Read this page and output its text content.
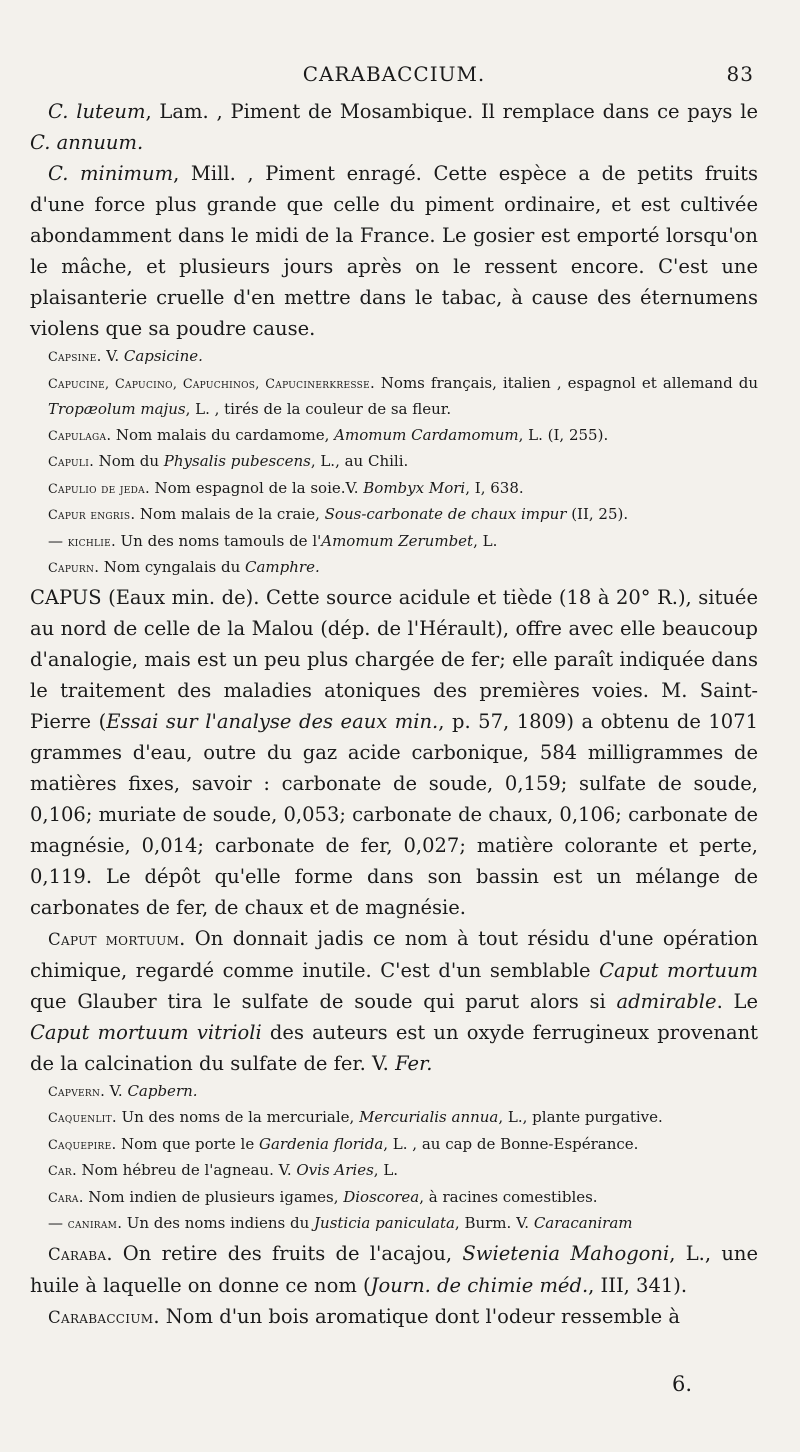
CARABACCIUM.	83

C. luteum, Lam. , Piment de Mosambique. Il remplace dans ce pays le C. annuum.

C. minimum, Mill. , Piment enragé. Cette espèce a de petits fruits d'une force plus grande que celle du piment ordinaire, et est cultivée abondamment dans le midi de la France. Le gosier est emporté lorsqu'on le mâche, et plusieurs jours après on le ressent encore. C'est une plaisanterie cruelle d'en mettre dans le tabac, à cause des éternumens violens que sa poudre cause.

Capsine. V. Capsicine.

Capucine, Capucino, Capuchinos, Capucinerkresse. Noms français, italien , espagnol et allemand du Tropæolum majus, L. , tirés de la couleur de sa fleur.

Capulaga. Nom malais du cardamome, Amomum Cardamomum, L. (I, 255).

Capuli. Nom du Physalis pubescens, L., au Chili.

Capulio de jeda. Nom espagnol de la soie.V. Bombyx Mori, I, 638.

Capur engris. Nom malais de la craie, Sous-carbonate de chaux impur (II, 25).

— kichlie. Un des noms tamouls de l'Amomum Zerumbet, L.

Capurn. Nom cyngalais du Camphre.

CAPUS (Eaux min. de). Cette source acidule et tiède (18 à 20° R.), située au nord de celle de la Malou (dép. de l'Hérault), offre avec elle beaucoup d'analogie, mais est un peu plus chargée de fer; elle paraît indiquée dans le traitement des maladies atoniques des premières voies. M. Saint-Pierre (Essai sur l'analyse des eaux min., p. 57, 1809) a obtenu de 1071 grammes d'eau, outre du gaz acide carbonique, 584 milligrammes de matières fixes, savoir : carbonate de soude, 0,159; sulfate de soude, 0,106; muriate de soude, 0,053; carbonate de chaux, 0,106; carbonate de magnésie, 0,014; carbonate de fer, 0,027; matière colorante et perte, 0,119. Le dépôt qu'elle forme dans son bassin est un mélange de carbonates de fer, de chaux et de magnésie.

Caput mortuum. On donnait jadis ce nom à tout résidu d'une opération chimique, regardé comme inutile. C'est d'un semblable Caput mortuum que Glauber tira le sulfate de soude qui parut alors si admirable. Le Caput mortuum vitrioli des auteurs est un oxyde ferrugineux provenant de la calcination du sulfate de fer. V. Fer.

Capvern. V. Capbern.

Caquenlit. Un des noms de la mercuriale, Mercurialis annua, L., plante purgative.

Caquepire. Nom que porte le Gardenia florida, L. , au cap de Bonne-Espérance.

Car. Nom hébreu de l'agneau. V. Ovis Aries, L.

Cara. Nom indien de plusieurs igames, Dioscorea, à racines comestibles.

— caniram. Un des noms indiens du Justicia paniculata, Burm. V. Caracaniram

Caraba. On retire des fruits de l'acajou, Swietenia Mahogoni, L., une huile à laquelle on donne ce nom (Journ. de chimie méd., III, 341).

Carabaccium. Nom d'un bois aromatique dont l'odeur ressemble à

6.
